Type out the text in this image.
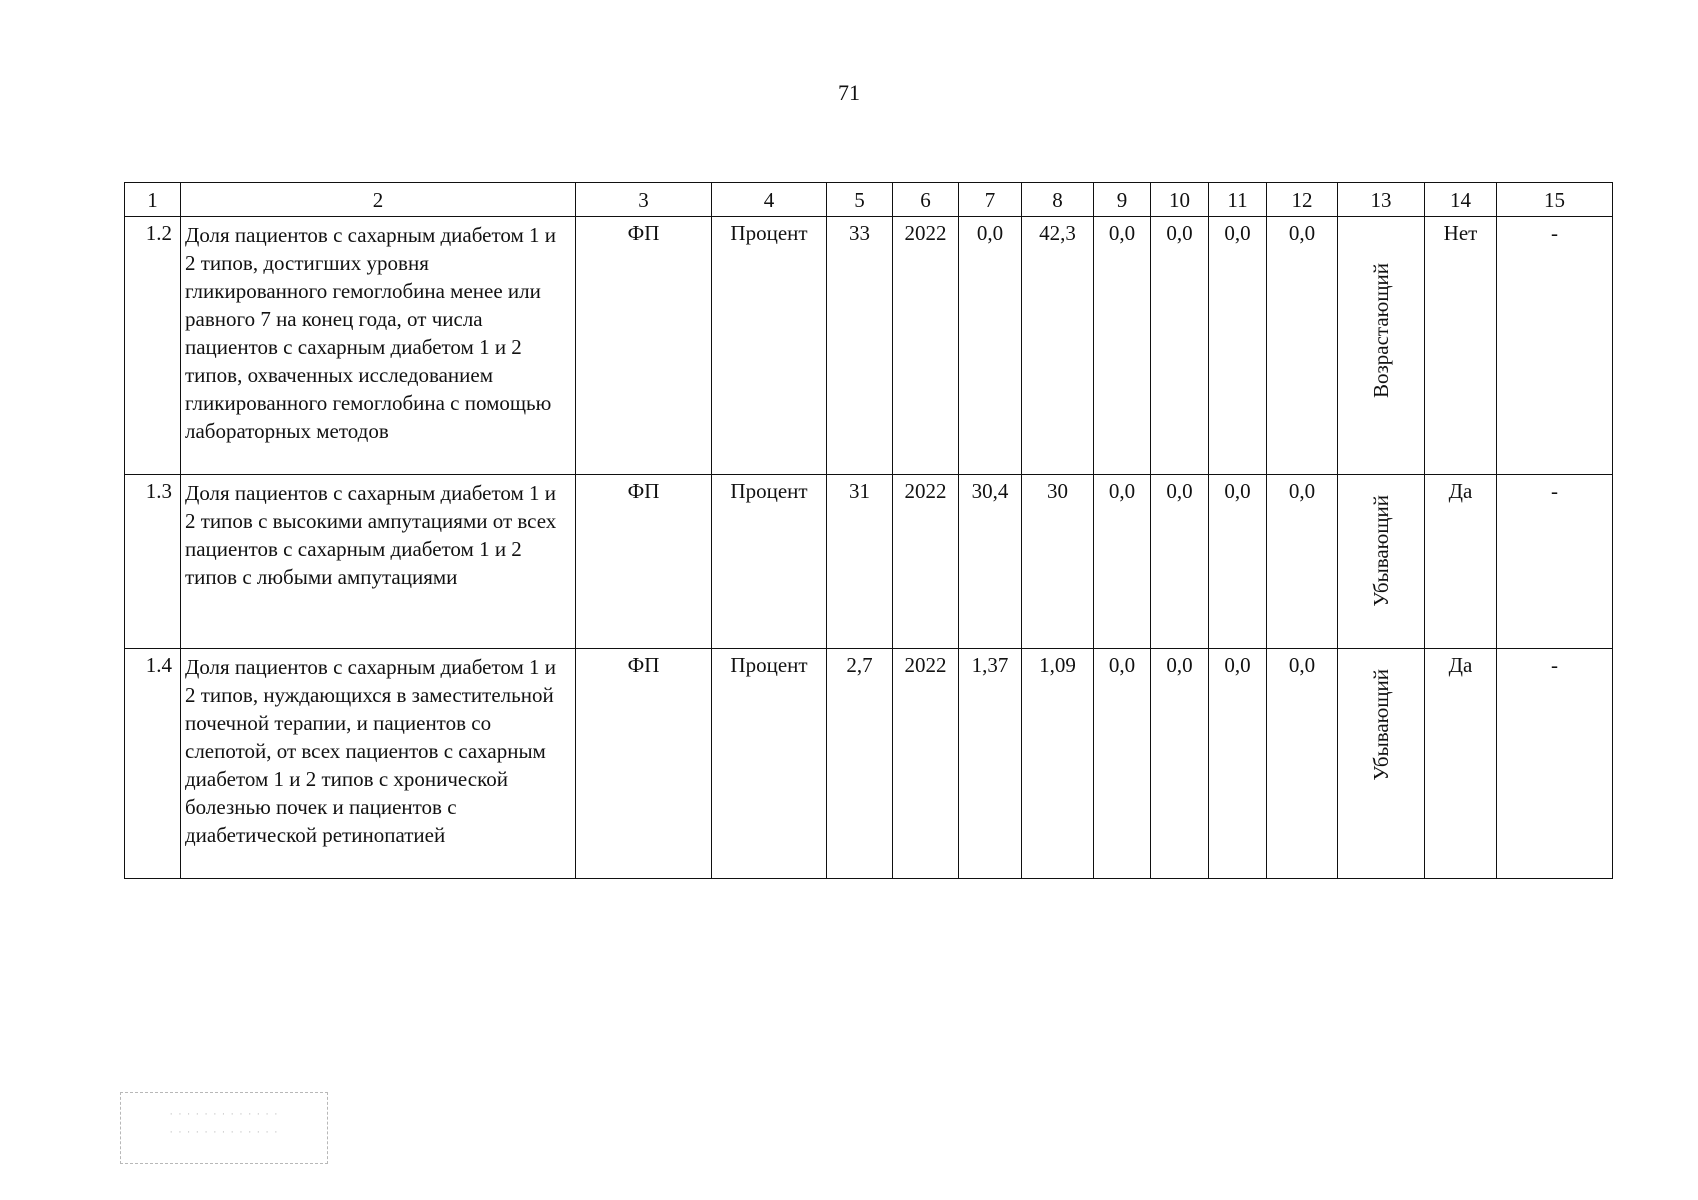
71
1	2	3	4	5	6	7	8	9	10	11	12	13	14	15
1.2	Доля пациентов с сахарным диабетом 1 и 2 типов, достигших уровня гликированного гемоглобина менее или равного 7 на конец года, от числа пациентов с сахарным диабетом 1 и 2 типов, охваченных исследованием гликированного гемоглобина с помощью лабораторных методов	ФП	Процент	33	2022	0,0	42,3	0,0	0,0	0,0	0,0	Возрастающий	Нет	-
1.3	Доля пациентов с сахарным диабетом 1 и 2 типов с высокими ампутациями от всех пациентов с сахарным диабетом 1 и 2 типов с любыми ампутациями	ФП	Процент	31	2022	30,4	30	0,0	0,0	0,0	0,0	Убывающий	Да	-
1.4	Доля пациентов с сахарным диабетом 1 и 2 типов, нуждающихся в заместительной почечной терапии, и пациентов со слепотой, от всех пациентов с сахарным диабетом 1 и 2 типов с хронической болезнью почек и пациентов с диабетической ретинопатией	ФП	Процент	2,7	2022	1,37	1,09	0,0	0,0	0,0	0,0	Убывающий	Да	-
· · · · · · · · · · · · ·
· · · · · · · · · · · · ·
